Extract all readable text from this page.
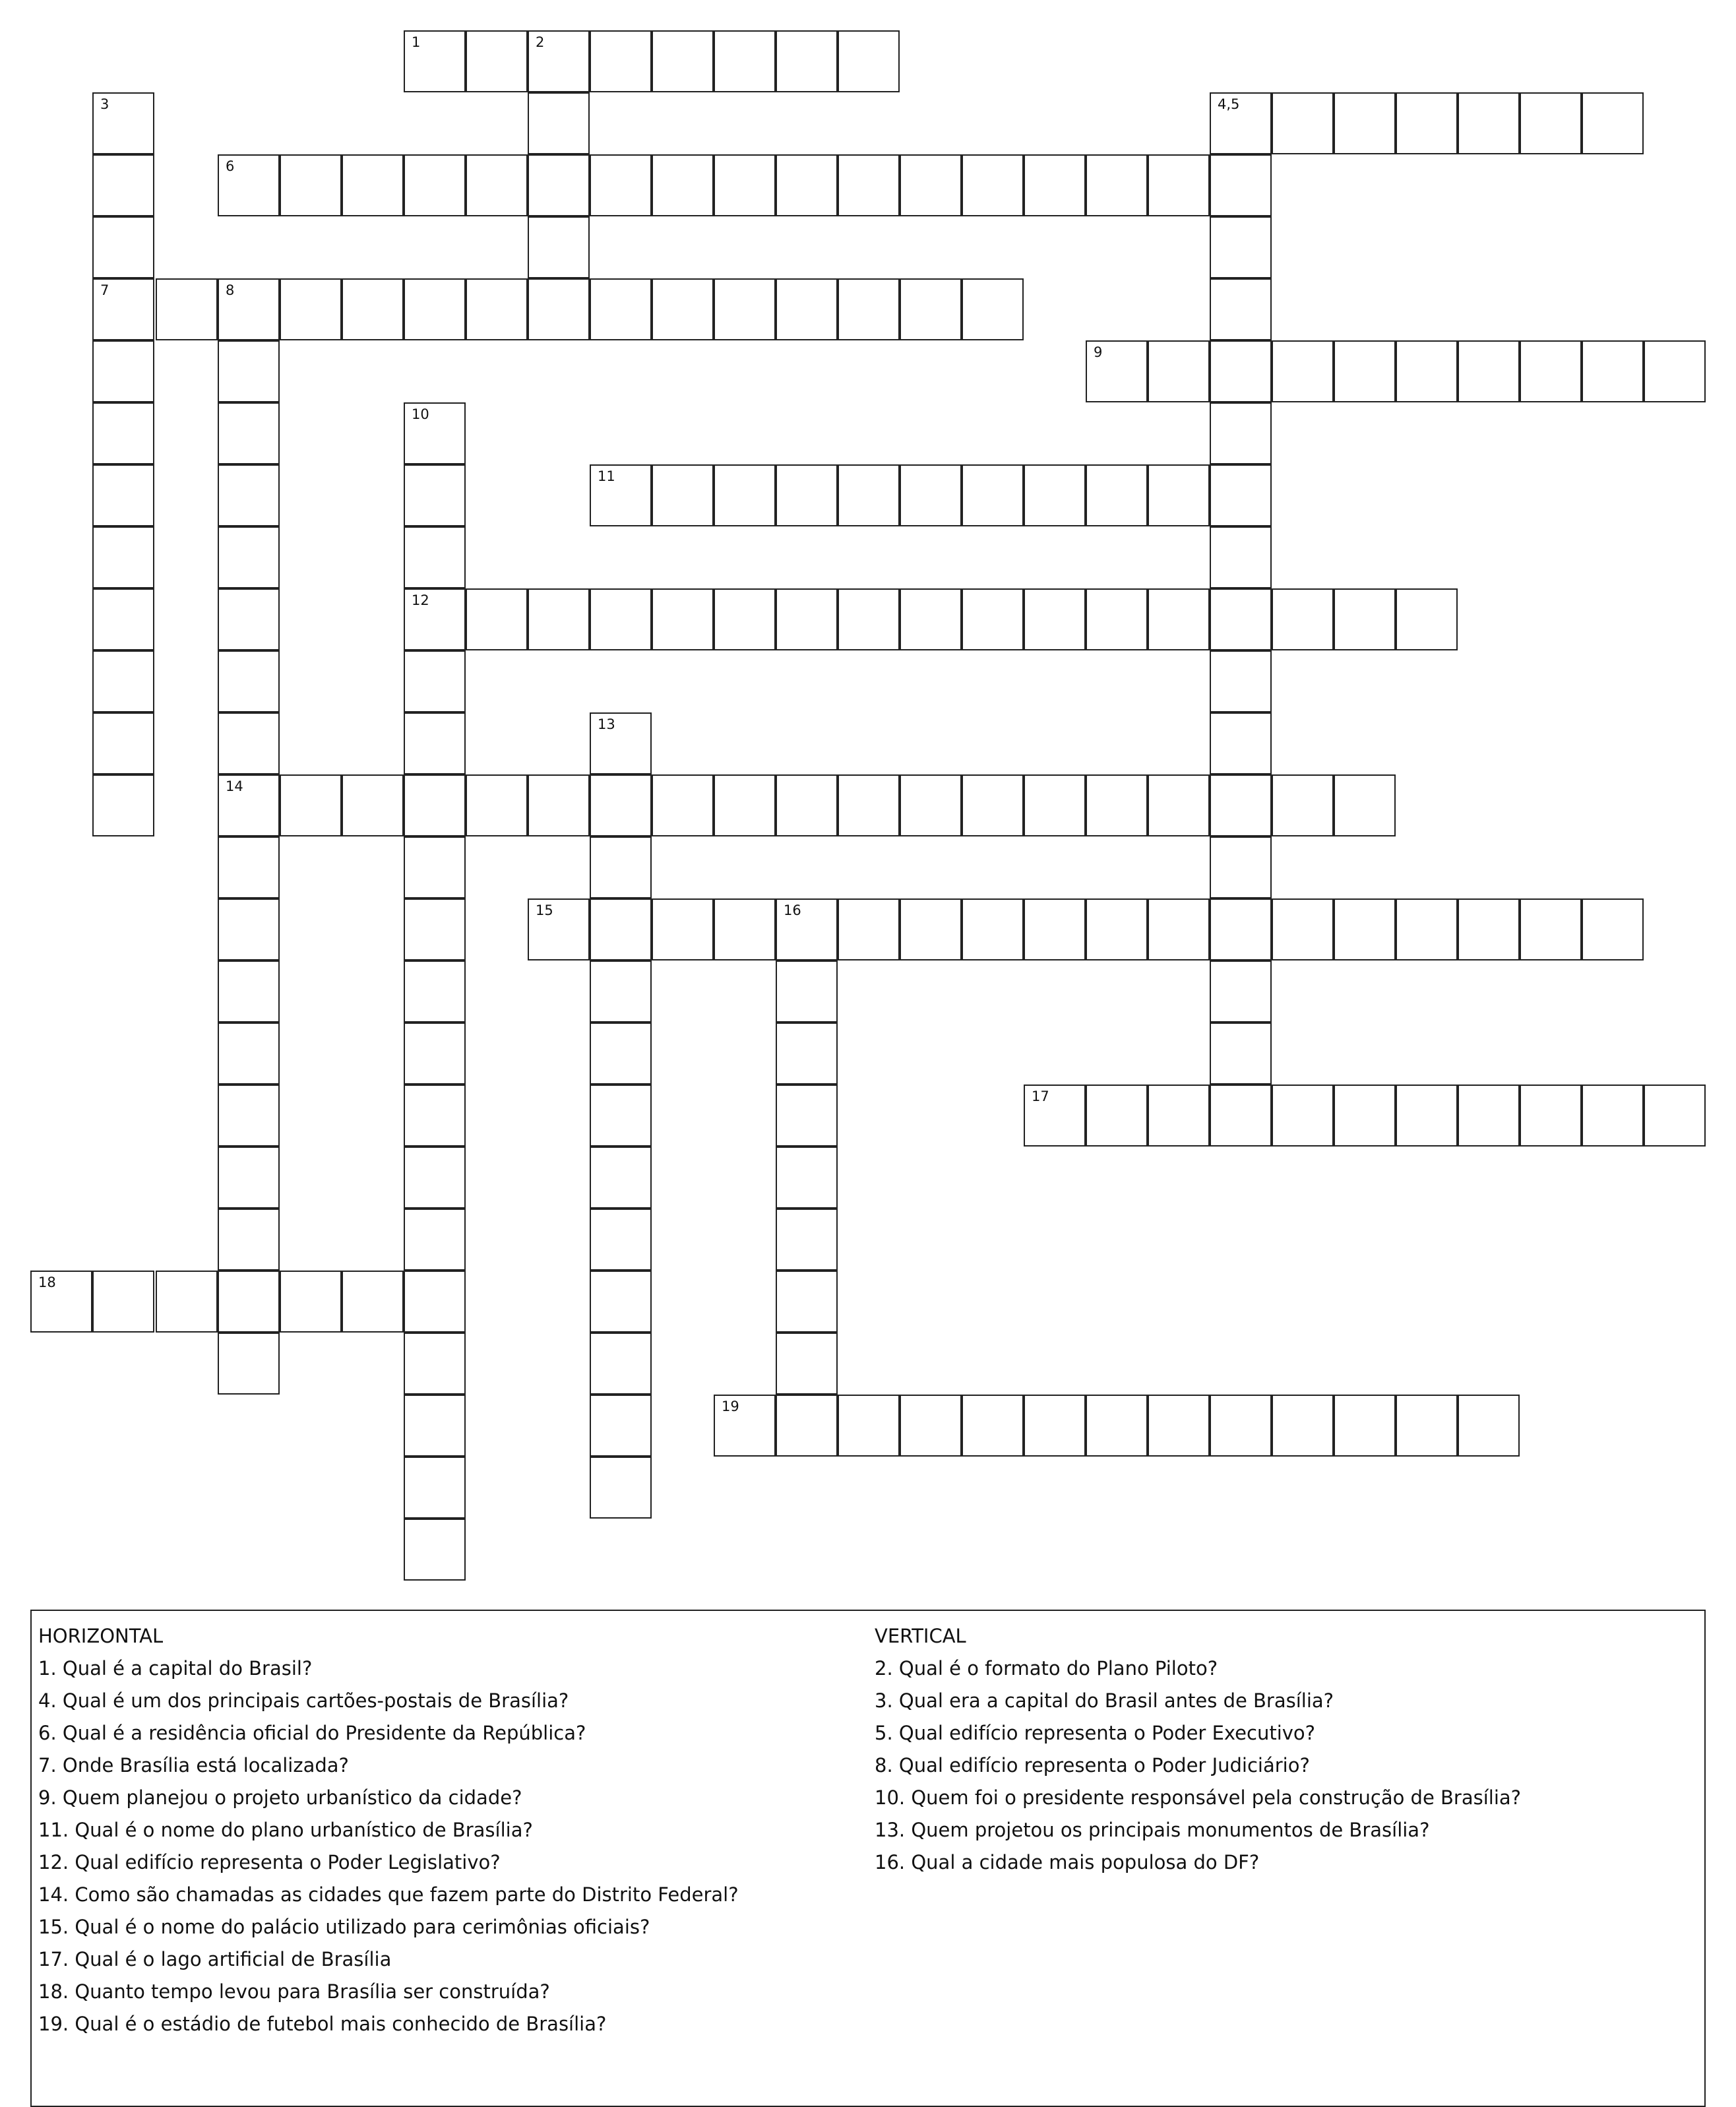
1	2
3	4,5
6
7	8
9
10
11
12
13
14
15	16
17
18
19
HORIZONTAL
1. Qual é a capital do Brasil?
4. Qual é um dos principais cartões-postais de Brasília?
6. Qual é a residência oficial do Presidente da República?
7. Onde Brasília está localizada?
9. Quem planejou o projeto urbanístico da cidade?
11. Qual é o nome do plano urbanístico de Brasília?
12. Qual edifício representa o Poder Legislativo?
14. Como são chamadas as cidades que fazem parte do Distrito Federal?
15. Qual é o nome do palácio utilizado para cerimônias oficiais?
17. Qual é o lago artificial de Brasília
18. Quanto tempo levou para Brasília ser construída?
19. Qual é o estádio de futebol mais conhecido de Brasília?
VERTICAL
2. Qual é o formato do Plano Piloto?
3. Qual era a capital do Brasil antes de Brasília?
5. Qual edifício representa o Poder Executivo?
8. Qual edifício representa o Poder Judiciário?
10. Quem foi o presidente responsável pela construção de Brasília?
13. Quem projetou os principais monumentos de Brasília?
16. Qual a cidade mais populosa do DF?
